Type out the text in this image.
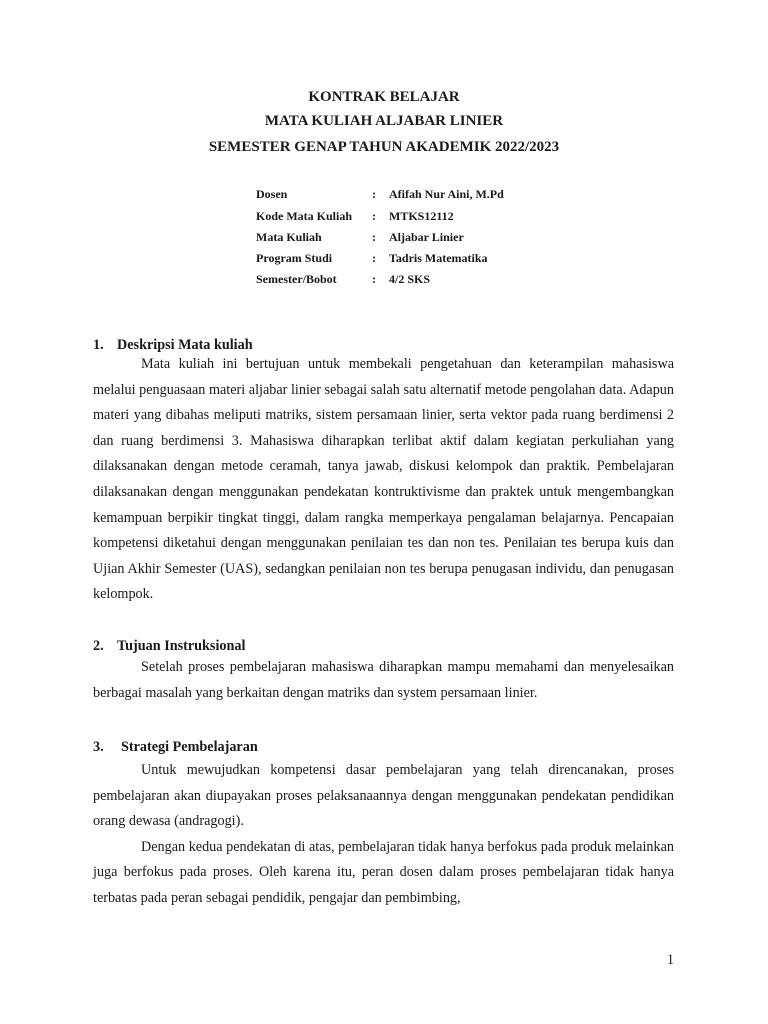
KONTRAK BELAJAR
MATA KULIAH ALJABAR LINIER
SEMESTER GENAP TAHUN AKADEMIK 2022/2023
Dosen	: Afifah Nur Aini, M.Pd
Kode Mata Kuliah : MTKS12112
Mata Kuliah	: Aljabar Linier
Program Studi	: Tadris Matematika
Semester/Bobot	: 4/2 SKS
1. Deskripsi Mata kuliah

Mata kuliah ini bertujuan untuk membekali pengetahuan dan keterampilan mahasiswa melalui penguasaan materi aljabar linier sebagai salah satu alternatif metode pengolahan data. Adapun materi yang dibahas meliputi matriks, sistem persamaan linier, serta vektor pada ruang berdimensi 2 dan ruang berdimensi 3. Mahasiswa diharapkan terlibat aktif dalam kegiatan perkuliahan yang dilaksanakan dengan metode ceramah, tanya jawab, diskusi kelompok dan praktik. Pembelajaran dilaksanakan dengan menggunakan pendekatan kontruktivisme dan praktek untuk mengembangkan kemampuan berpikir tingkat tinggi, dalam rangka memperkaya pengalaman belajarnya. Pencapaian kompetensi diketahui dengan menggunakan penilaian tes dan non tes. Penilaian tes berupa kuis dan Ujian Akhir Semester (UAS), sedangkan penilaian non tes berupa penugasan individu, dan penugasan kelompok.

2. Tujuan Instruksional

Setelah proses pembelajaran mahasiswa diharapkan mampu memahami dan menyelesaikan berbagai masalah yang berkaitan dengan matriks dan system persamaan linier.

3. Strategi Pembelajaran

Untuk mewujudkan kompetensi dasar pembelajaran yang telah direncanakan, proses pembelajaran akan diupayakan proses pelaksanaannya dengan menggunakan pendekatan pendidikan orang dewasa (andragogi).

Dengan kedua pendekatan di atas, pembelajaran tidak hanya berfokus pada produk melainkan juga berfokus pada proses. Oleh karena itu, peran dosen dalam proses pembelajaran tidak hanya terbatas pada peran sebagai pendidik, pengajar dan pembimbing,

1
